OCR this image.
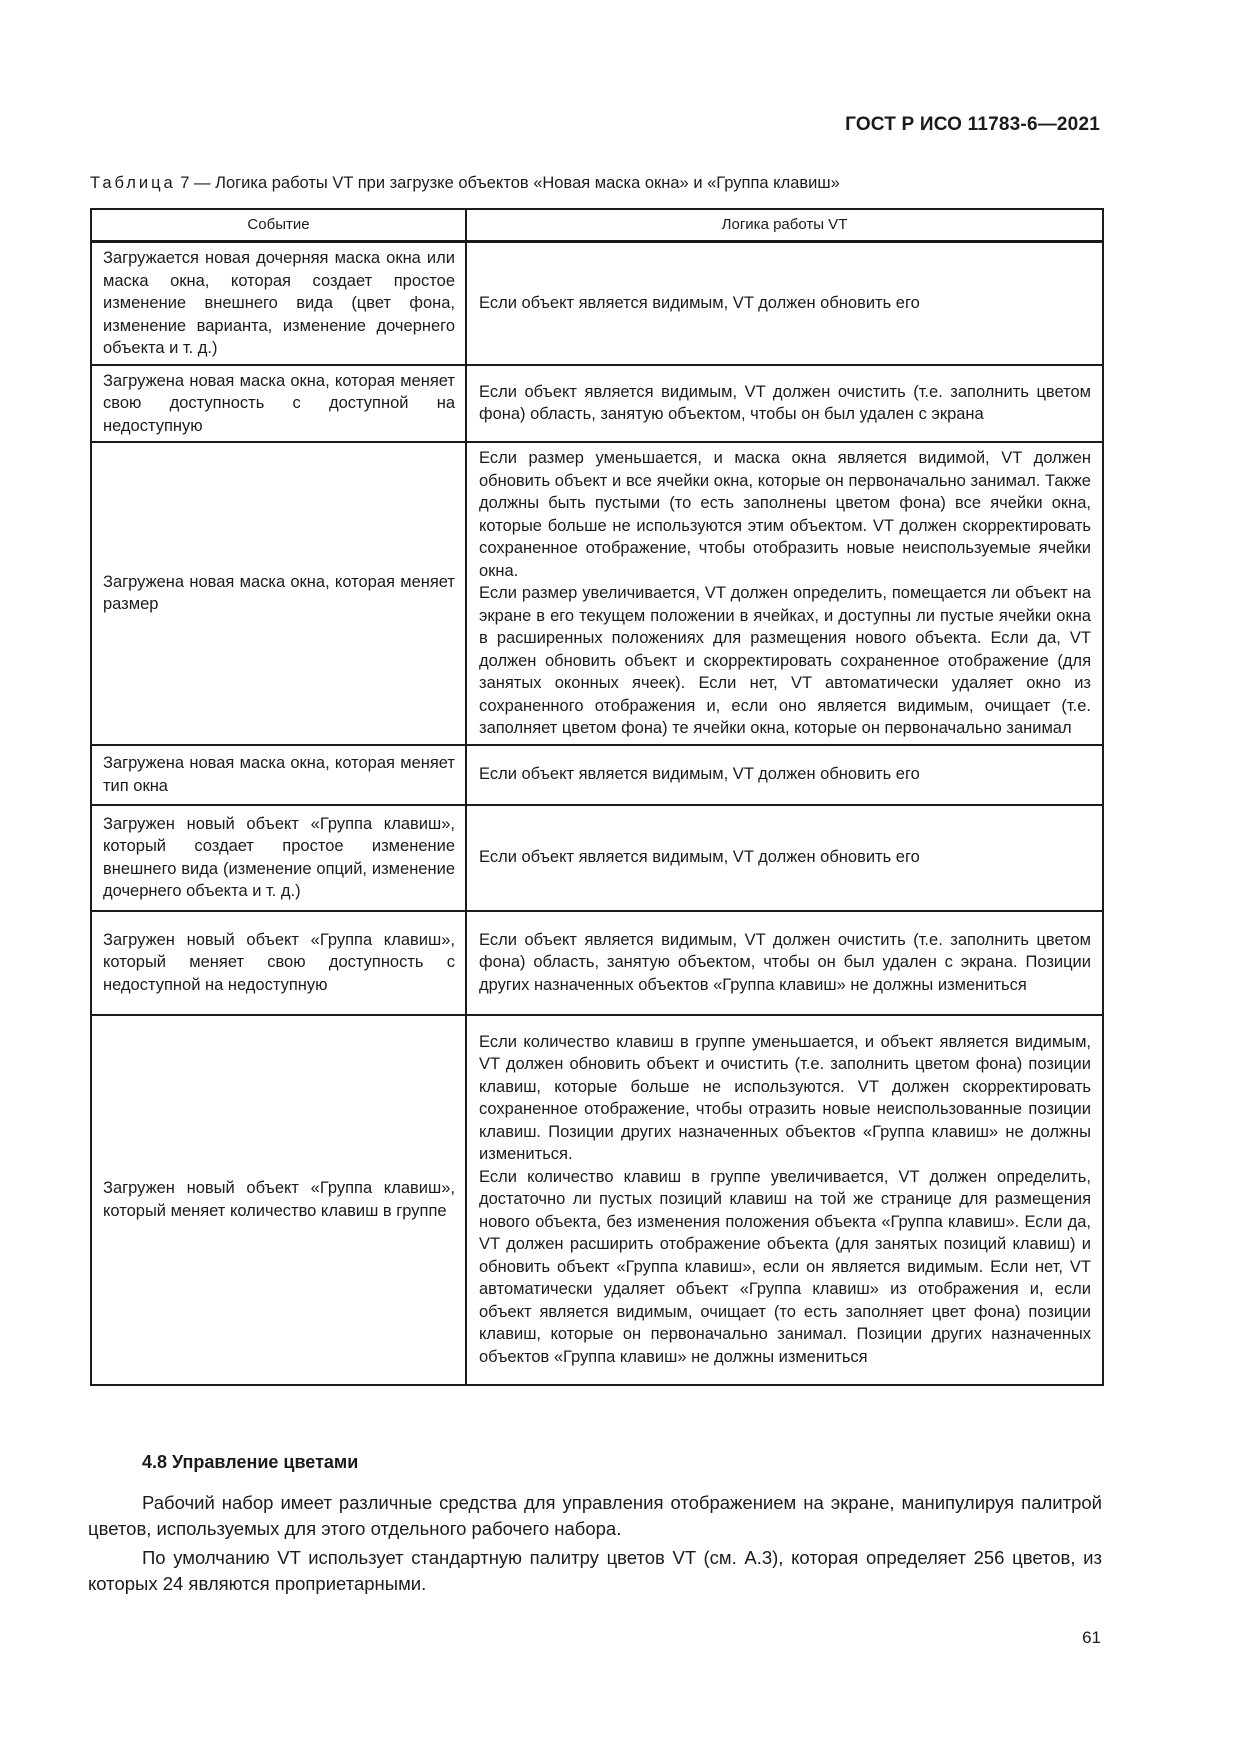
ГОСТ Р ИСО 11783-6—2021
Таблица 7 — Логика работы VT при загрузке объектов «Новая маска окна» и «Группа клавиш»
Событие	Логика работы VT
Загружается новая дочерняя маска окна или маска окна, которая создает простое изменение внешнего вида (цвет фона, изменение варианта, изменение дочернего объекта и т. д.)	Если объект является видимым, VT должен обновить его
Загружена новая маска окна, которая меняет свою доступность с доступной на недоступную	Если объект является видимым, VT должен очистить (т.е. заполнить цветом фона) область, занятую объектом, чтобы он был удален с экрана
Загружена новая маска окна, которая меняет размер	Если размер уменьшается, и маска окна является видимой, VT должен обновить объект и все ячейки окна, которые он первоначально занимал. Также должны быть пустыми (то есть заполнены цветом фона) все ячейки окна, которые больше не используются этим объектом. VT должен скорректировать сохраненное отображение, чтобы отобразить новые неиспользуемые ячейки окна.
Если размер увеличивается, VT должен определить, помещается ли объект на экране в его текущем положении в ячейках, и доступны ли пустые ячейки окна в расширенных положениях для размещения нового объекта. Если да, VT должен обновить объект и скорректировать сохраненное отображение (для занятых оконных ячеек). Если нет, VT автоматически удаляет окно из сохраненного отображения и, если оно является видимым, очищает (т.е. заполняет цветом фона) те ячейки окна, которые он первоначально занимал

Загружена новая маска окна, которая меняет тип окна	Если объект является видимым, VT должен обновить его
Загружен новый объект «Группа клавиш», который создает простое изменение внешнего вида (изменение опций, изменение дочернего объекта и т. д.)	Если объект является видимым, VT должен обновить его
Загружен новый объект «Группа клавиш», который меняет свою доступность с недоступной на недоступную	Если объект является видимым, VT должен очистить (т.е. заполнить цветом фона) область, занятую объектом, чтобы он был удален с экрана. Позиции других назначенных объектов «Группа клавиш» не должны измениться
Загружен новый объект «Группа клавиш», который меняет количество клавиш в группе	Если количество клавиш в группе уменьшается, и объект является видимым, VT должен обновить объект и очистить (т.е. заполнить цветом фона) позиции клавиш, которые больше не используются. VT должен скорректировать сохраненное отображение, чтобы отразить новые неиспользованные позиции клавиш. Позиции других назначенных объектов «Группа клавиш» не должны измениться.
Если количество клавиш в группе увеличивается, VT должен определить, достаточно ли пустых позиций клавиш на той же странице для размещения нового объекта, без изменения положения объекта «Группа клавиш». Если да, VT должен расширить отображение объекта (для занятых позиций клавиш) и обновить объект «Группа клавиш», если он является видимым. Если нет, VT автоматически удаляет объект «Группа клавиш» из отображения и, если объект является видимым, очищает (то есть заполняет цвет фона) позиции клавиш, которые он первоначально занимал. Позиции других назначенных объектов «Группа клавиш» не должны измениться
4.8 Управление цветами
Рабочий набор имеет различные средства для управления отображением на экране, манипулируя палитрой цветов, используемых для этого отдельного рабочего набора.
По умолчанию VT использует стандартную палитру цветов VT (см. А.3), которая определяет 256 цветов, из которых 24 являются проприетарными.
61
